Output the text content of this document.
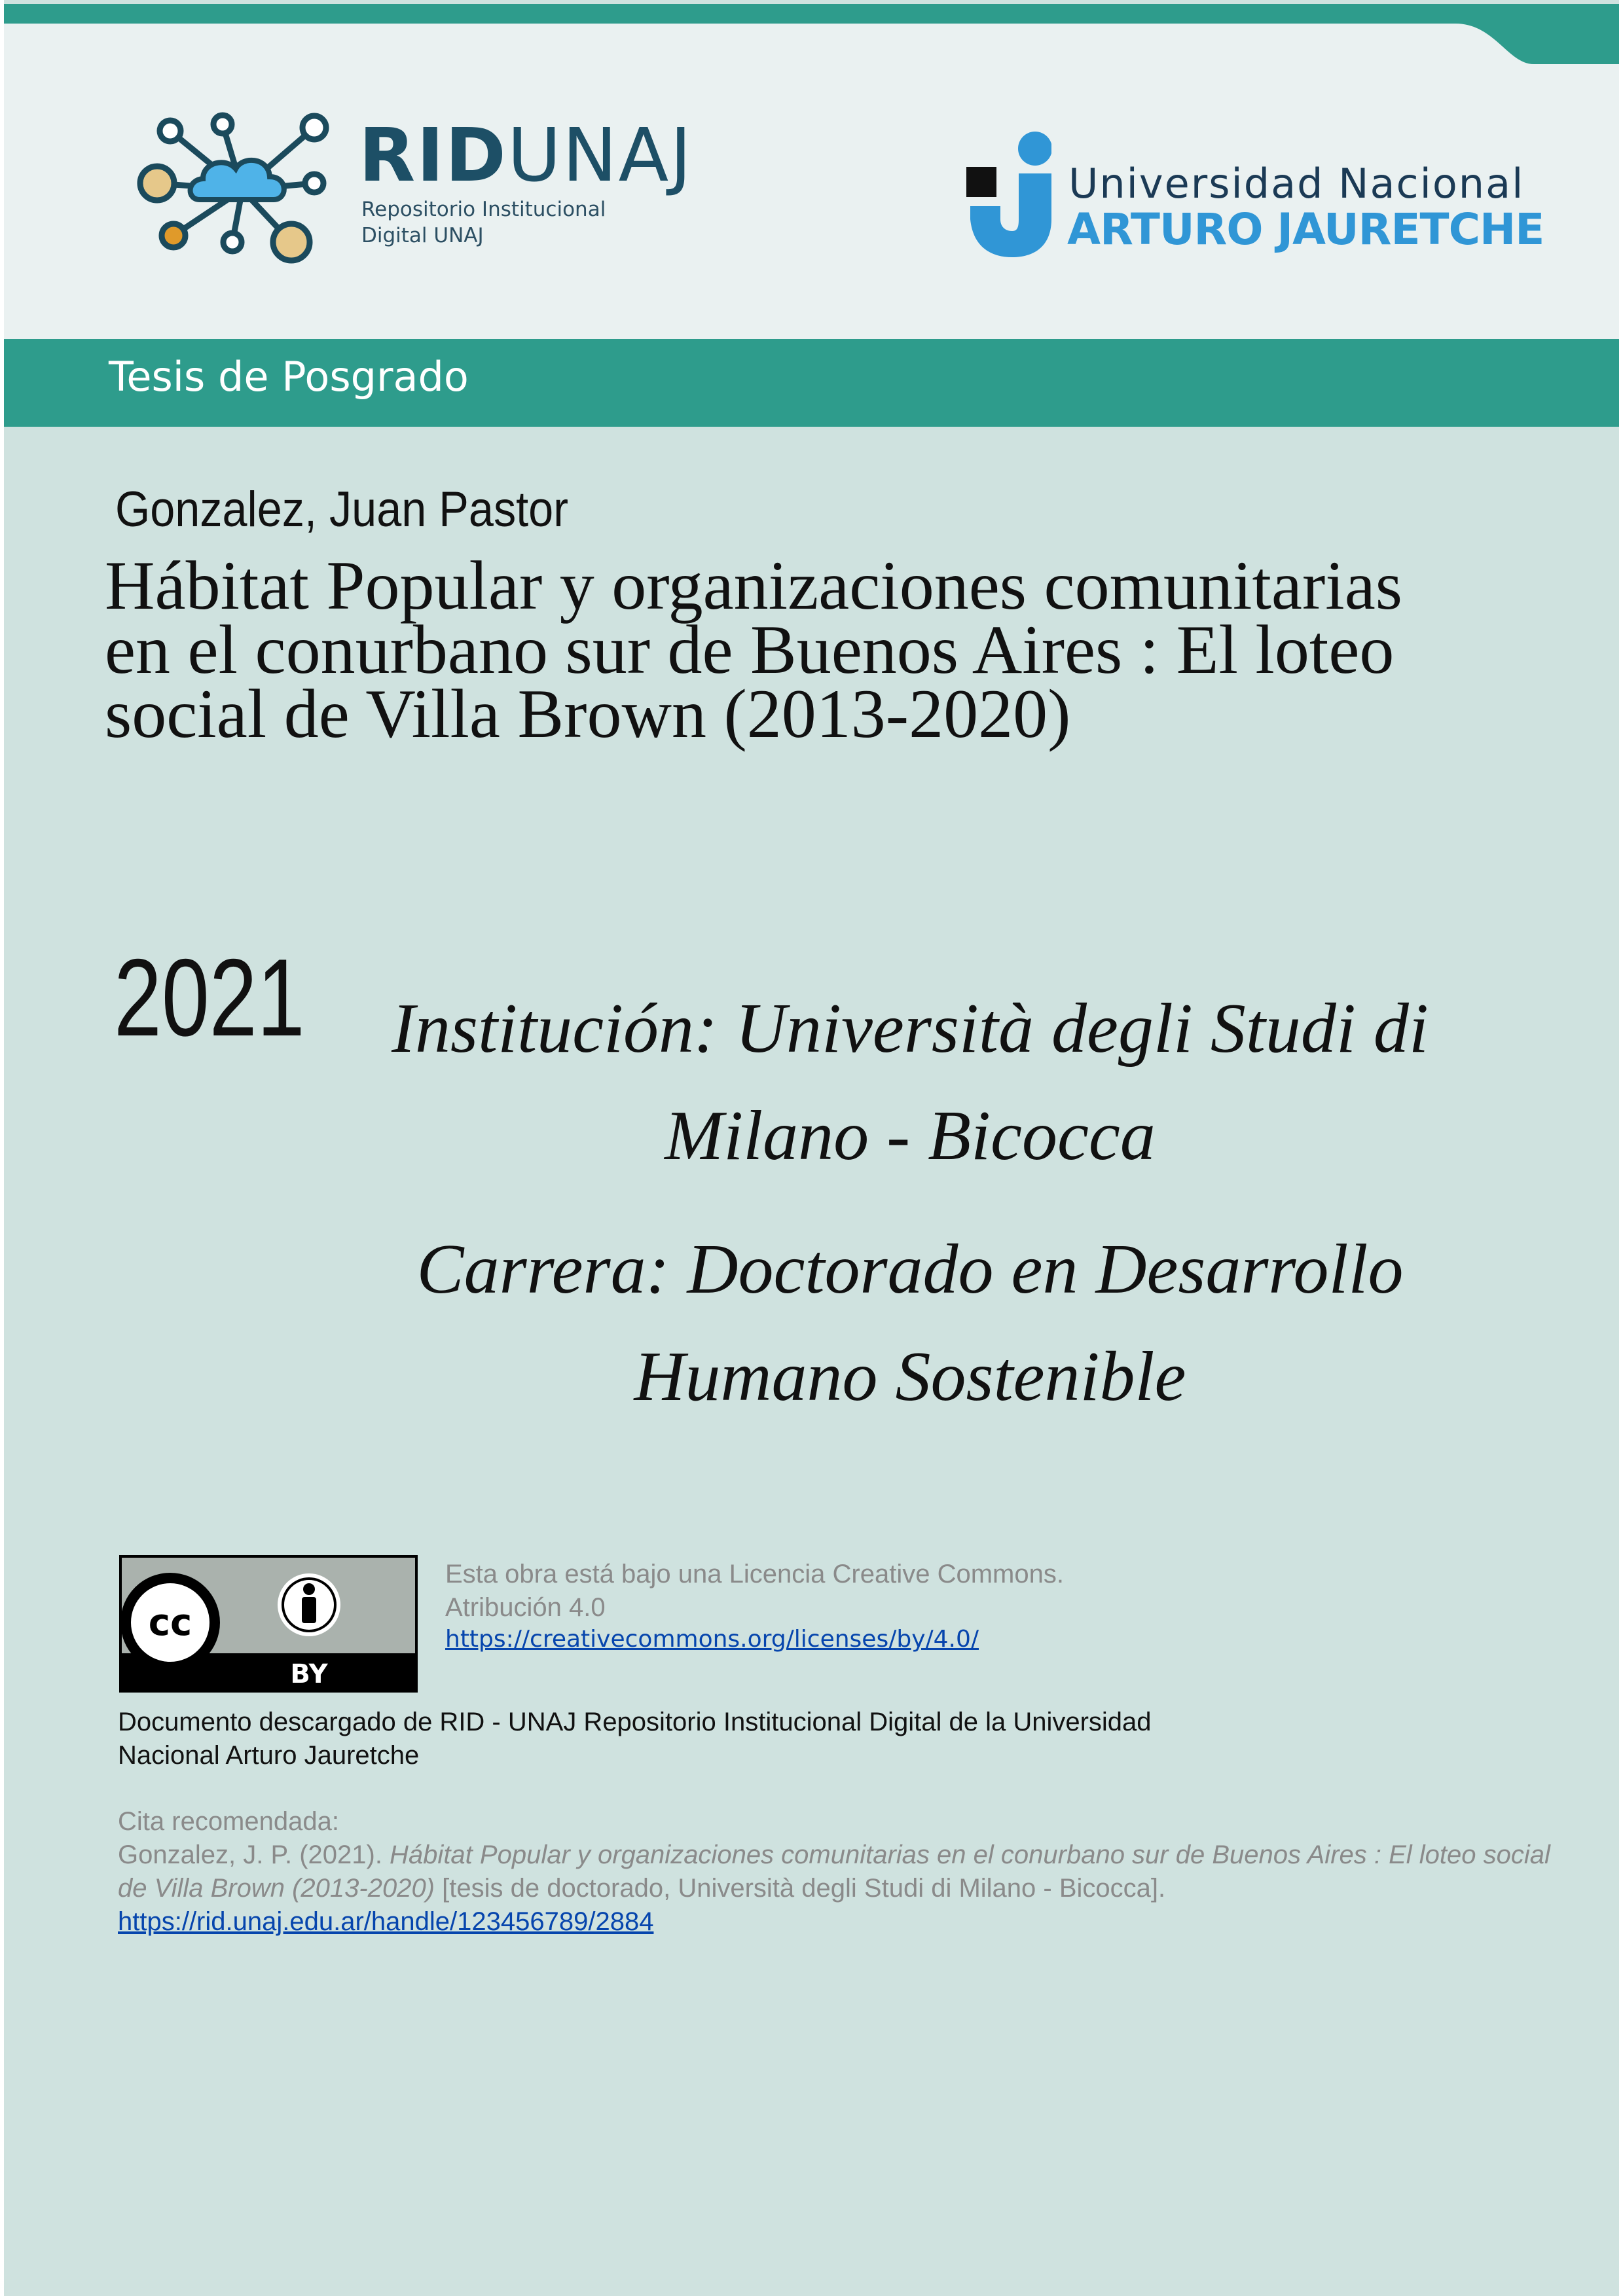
RIDUNAJ
Repositorio Institucional
Digital UNAJ
Universidad Nacional
ARTURO JAURETCHE
Tesis de Posgrado
Gonzalez, Juan Pastor
Hábitat Popular y organizaciones comunitarias
en el conurbano sur de Buenos Aires : El loteo
social de Villa Brown (2013-2020)
2021	Institución: Università degli Studi di
Milano - Bicocca
Carrera: Doctorado en Desarrollo
Humano Sostenible
cc
BY
Esta obra está bajo una Licencia Creative Commons.
Atribución 4.0
https://creativecommons.org/licenses/by/4.0/
Documento descargado de RID - UNAJ Repositorio Institucional Digital de la Universidad
Nacional Arturo Jauretche
Cita recomendada:
Gonzalez, J. P. (2021). Hábitat Popular y organizaciones comunitarias en el conurbano sur de Buenos Aires : El loteo social de Villa Brown (2013-2020) [tesis de doctorado, Università degli Studi di Milano - Bicocca].
https://rid.unaj.edu.ar/handle/123456789/2884
